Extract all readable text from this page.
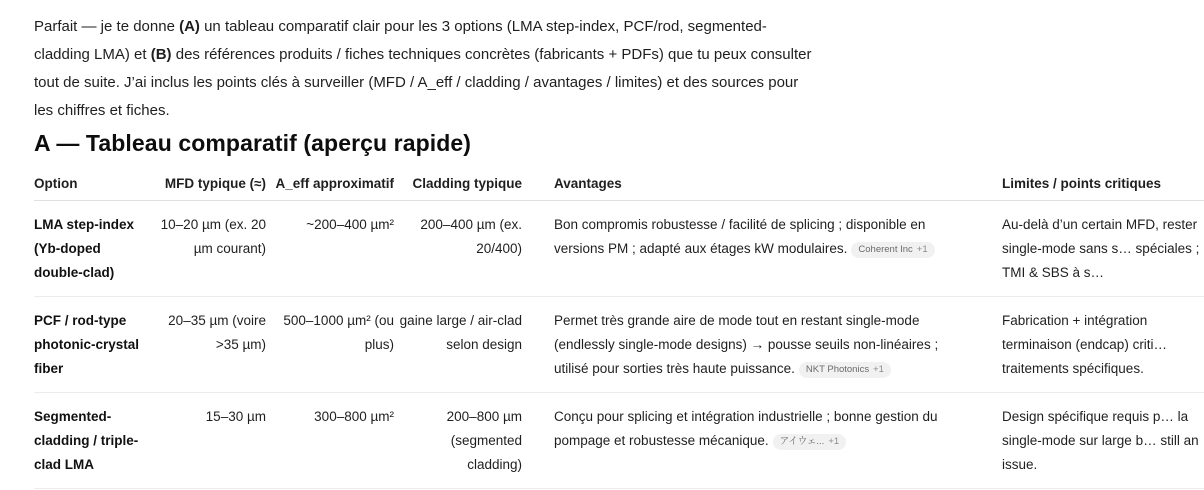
Parfait — je te donne (A) un tableau comparatif clair pour les 3 options (LMA step-index, PCF/rod, segmented-cladding LMA) et (B) des références produits / fiches techniques concrètes (fabricants + PDFs) que tu peux consulter tout de suite. J’ai inclus les points clés à surveiller (MFD / A_eff / cladding / avantages / limites) et des sources pour les chiffres et fiches.
A — Tableau comparatif (aperçu rapide)
Option	MFD typique (≈)	A_eff approximatif	Cladding typique	Avantages	Limites / points critiques
LMA step-index (Yb-doped double-clad)	10–20 µm (ex. 20 µm courant)	~200–400 µm²	200–400 µm (ex. 20/400)	Bon compromis robustesse / facilité de splicing ; disponible en versions PM ; adapté aux étages kW modulaires. Coherent Inc +1	Au-delà d’un certain MFD, rester single-mode sans s… spéciales ; TMI & SBS à s…
PCF / rod-type photonic-crystal fiber	20–35 µm (voire >35 µm)	500–1000 µm² (ou plus)	gaine large / air-clad selon design	Permet très grande aire de mode tout en restant single-mode (endlessly single-mode designs) → pousse seuils non-linéaires ; utilisé pour sorties très haute puissance. NKT Photonics +1	Fabrication + intégration terminaison (endcap) criti… traitements spécifiques.
Segmented-cladding / triple-clad LMA	15–30 µm	300–800 µm²	200–800 µm (segmented cladding)	Conçu pour splicing et intégration industrielle ; bonne gestion du pompage et robustesse mécanique. アイウェ... +1	Design spécifique requis p… la single-mode sur large b… still an issue.
